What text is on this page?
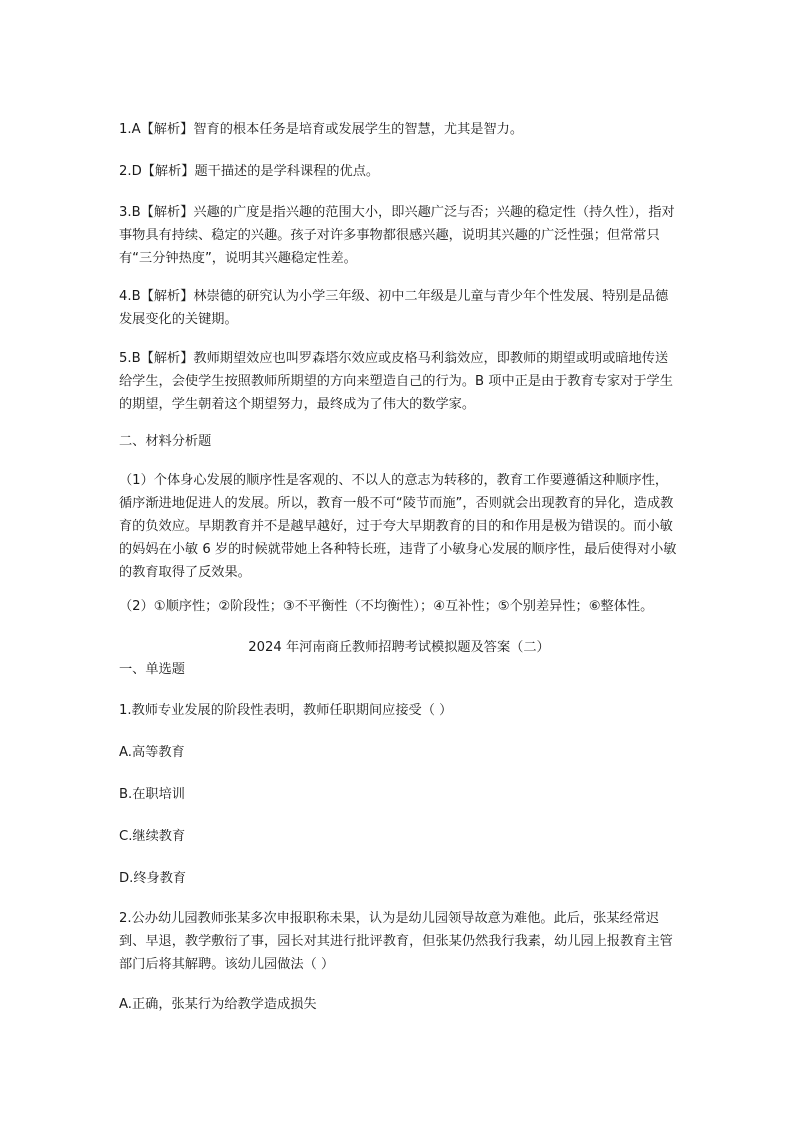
1.A【解析】智育的根本任务是培育或发展学生的智慧，尤其是智力。

2.D【解析】题干描述的是学科课程的优点。

3.B【解析】兴趣的广度是指兴趣的范围大小，即兴趣广泛与否；兴趣的稳定性（持久性），指对事物具有持续、稳定的兴趣。孩子对许多事物都很感兴趣，说明其兴趣的广泛性强；但常常只有“三分钟热度”，说明其兴趣稳定性差。

4.B【解析】林崇德的研究认为小学三年级、初中二年级是儿童与青少年个性发展、特别是品德发展变化的关键期。

5.B【解析】教师期望效应也叫罗森塔尔效应或皮格马利翁效应，即教师的期望或明或暗地传送给学生，会使学生按照教师所期望的方向来塑造自己的行为。B 项中正是由于教育专家对于学生的期望，学生朝着这个期望努力，最终成为了伟大的数学家。

二、材料分析题

（1）个体身心发展的顺序性是客观的、不以人的意志为转移的，教育工作要遵循这种顺序性，循序渐进地促进人的发展。所以，教育一般不可“陵节而施”，否则就会出现教育的异化，造成教育的负效应。早期教育并不是越早越好，过于夸大早期教育的目的和作用是极为错误的。而小敏的妈妈在小敏 6 岁的时候就带她上各种特长班，违背了小敏身心发展的顺序性，最后使得对小敏的教育取得了反效果。

（2）①顺序性；②阶段性；③不平衡性（不均衡性）；④互补性；⑤个别差异性；⑥整体性。

2024 年河南商丘教师招聘考试模拟题及答案（二）

一、单选题

1.教师专业发展的阶段性表明，教师任职期间应接受（ ）

A.高等教育

B.在职培训

C.继续教育

D.终身教育

2.公办幼儿园教师张某多次申报职称未果，认为是幼儿园领导故意为难他。此后，张某经常迟到、早退，教学敷衍了事，园长对其进行批评教育，但张某仍然我行我素，幼儿园上报教育主管部门后将其解聘。该幼儿园做法（ ）

A.正确，张某行为给教学造成损失
